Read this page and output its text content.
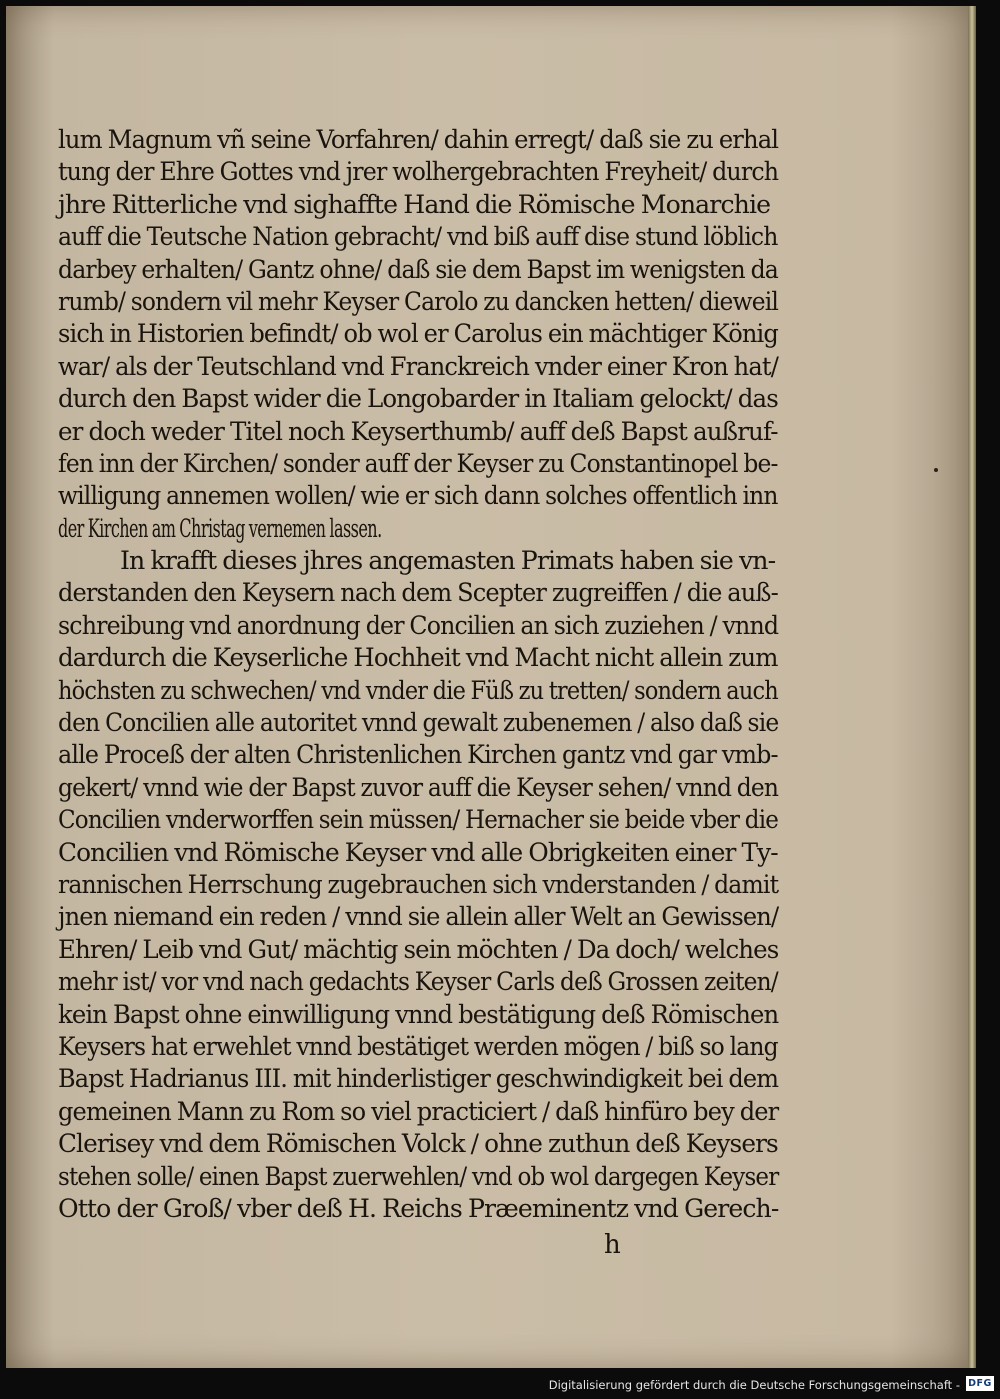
lum Magnum vñ seine Vorfahren/ dahin erregt/ daß sie zu erhal
tung der Ehre Gottes vnd jrer wolhergebrachten Freyheit/ durch
jhre Ritterliche vnd sighaffte Hand die Römische Monarchie
auff die Teutsche Nation gebracht/ vnd biß auff dise stund löblich
darbey erhalten/ Gantz ohne/ daß sie dem Bapst im wenigsten da
rumb/ sondern vil mehr Keyser Carolo zu dancken hetten/ dieweil
sich in Historien befindt/ ob wol er Carolus ein mächtiger König
war/ als der Teutschland vnd Franckreich vnder einer Kron hat/
durch den Bapst wider die Longobarder in Italiam gelockt/ das
er doch weder Titel noch Keyserthumb/ auff deß Bapst außruf-
fen inn der Kirchen/ sonder auff der Keyser zu Constantinopel be-
willigung annemen wollen/ wie er sich dann solches offentlich inn
der Kirchen am Christag vernemen lassen.
In krafft dieses jhres angemasten Primats haben sie vn-
derstanden den Keysern nach dem Scepter zugreiffen / die auß-
schreibung vnd anordnung der Concilien an sich zuziehen / vnnd
dardurch die Keyserliche Hochheit vnd Macht nicht allein zum
höchsten zu schwechen/ vnd vnder die Füß zu tretten/ sondern auch
den Concilien alle autoritet vnnd gewalt zubenemen / also daß sie
alle Proceß der alten Christenlichen Kirchen gantz vnd gar vmb-
gekert/ vnnd wie der Bapst zuvor auff die Keyser sehen/ vnnd den
Concilien vnderworffen sein müssen/ Hernacher sie beide vber die
Concilien vnd Römische Keyser vnd alle Obrigkeiten einer Ty-
rannischen Herrschung zugebrauchen sich vnderstanden / damit
jnen niemand ein reden / vnnd sie allein aller Welt an Gewissen/
Ehren/ Leib vnd Gut/ mächtig sein möchten / Da doch/ welches
mehr ist/ vor vnd nach gedachts Keyser Carls deß Grossen zeiten/
kein Bapst ohne einwilligung vnnd bestätigung deß Römischen
Keysers hat erwehlet vnnd bestätiget werden mögen / biß so lang
Bapst Hadrianus III. mit hinderlistiger geschwindigkeit bei dem
gemeinen Mann zu Rom so viel practiciert / daß hinfüro bey der
Clerisey vnd dem Römischen Volck / ohne zuthun deß Keysers
stehen solle/ einen Bapst zuerwehlen/ vnd ob wol dargegen Keyser
Otto der Groß/ vber deß H. Reichs Præeminentz vnd Gerech-
h
Digitalisierung gefördert durch die Deutsche Forschungsgemeinschaft - DFG
